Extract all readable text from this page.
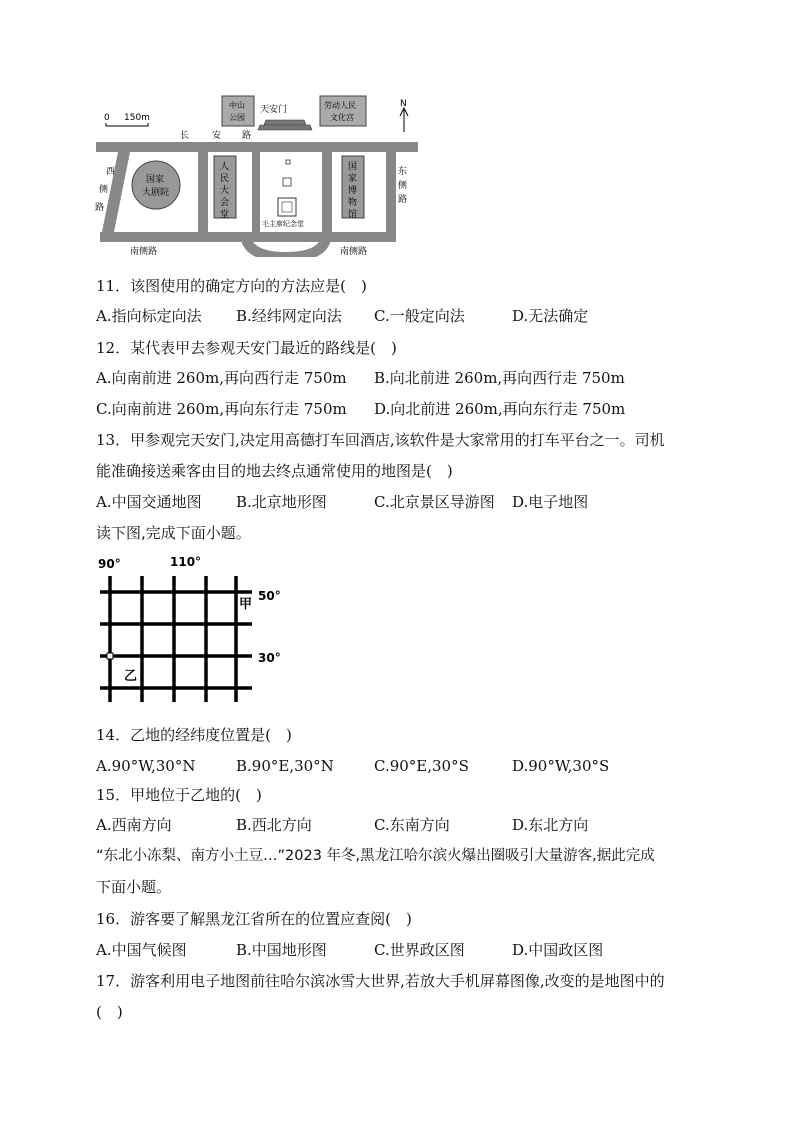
0 150m
N
中山
公园
天安门	劳动人民
文化宫
长	安 路
西
侧
路
东
侧
路
南侧路	南侧路
国家
大剧院
人
民
大
会
堂
毛主席纪念堂
国
家
博
物
馆
11．该图使用的确定方向的方法应是(　)
A.指向标定向法 B.经纬网定向法 C.一般定向法	D.无法确定
12．某代表甲去参观天安门最近的路线是(　)
A.向南前进 260m,再向西行走 750m B.向北前进 260m,再向西行走 750m
C.向南前进 260m,再向东行走 750m D.向北前进 260m,再向东行走 750m
13．甲参观完天安门,决定用高德打车回酒店,该软件是大家常用的打车平台之一。司机
能准确接送乘客由目的地去终点通常使用的地图是(　)
A.中国交通地图 B.北京地形图	C.北京景区导游图 D.电子地图
读下图,完成下面小题。
90°	110°
50°
30°
甲
乙
14．乙地的经纬度位置是(　)
A.90°W,30°N	B.90°E,30°N	C.90°E,30°S	D.90°W,30°S
15．甲地位于乙地的(　)
A.西南方向	B.西北方向	C.东南方向	D.东北方向
“东北小冻梨、南方小土豆…”2023 年冬,黑龙江哈尔滨火爆出圈吸引大量游客,据此完成
下面小题。
16．游客要了解黑龙江省所在的位置应查阅(　)
A.中国气候图	B.中国地形图	C.世界政区图	D.中国政区图
17．游客利用电子地图前往哈尔滨冰雪大世界,若放大手机屏幕图像,改变的是地图中的
(　)
